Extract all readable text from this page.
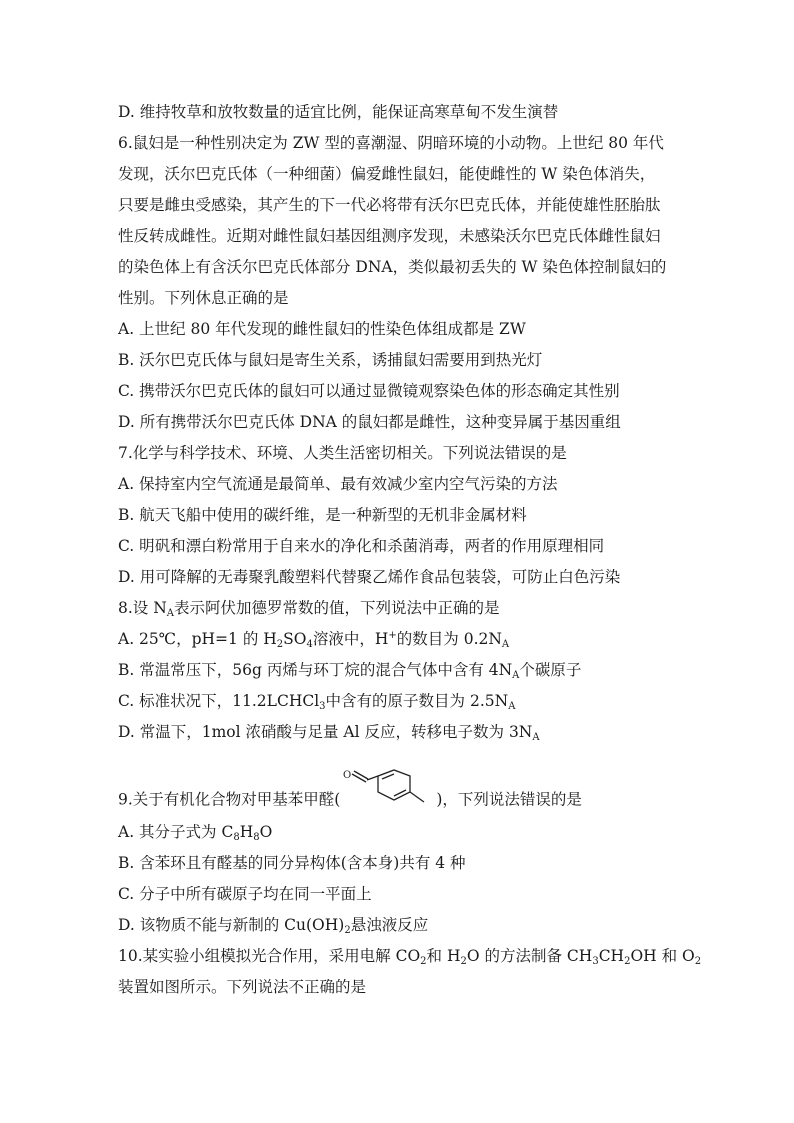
D. 维持牧草和放牧数量的适宜比例，能保证高寒草甸不发生演替
6.鼠妇是一种性别决定为 ZW 型的喜潮湿、阴暗环境的小动物。上世纪 80 年代
发现，沃尔巴克氏体（一种细菌）偏爱雌性鼠妇，能使雌性的 W 染色体消失，
只要是雌虫受感染，其产生的下一代必将带有沃尔巴克氏体，并能使雄性胚胎肽
性反转成雌性。近期对雌性鼠妇基因组测序发现，未感染沃尔巴克氏体雌性鼠妇
的染色体上有含沃尔巴克氏体部分 DNA，类似最初丢失的 W 染色体控制鼠妇的
性别。下列休息正确的是
A. 上世纪 80 年代发现的雌性鼠妇的性染色体组成都是 ZW
B. 沃尔巴克氏体与鼠妇是寄生关系，诱捕鼠妇需要用到热光灯
C. 携带沃尔巴克氏体的鼠妇可以通过显微镜观察染色体的形态确定其性别
D. 所有携带沃尔巴克氏体 DNA 的鼠妇都是雌性，这种变异属于基因重组
7.化学与科学技术、环境、人类生活密切相关。下列说法错误的是
A. 保持室内空气流通是最简单、最有效减少室内空气污染的方法
B. 航天飞船中使用的碳纤维，是一种新型的无机非金属材料
C. 明矾和漂白粉常用于自来水的净化和杀菌消毒，两者的作用原理相同
D. 用可降解的无毒聚乳酸塑料代替聚乙烯作食品包装袋，可防止白色污染
8.设 $N_A$表示阿伏加德罗常数的值，下列说法中正确的是
A. 25℃，pH=1 的 $H_2SO_4$溶液中，H+的数目为 $0.2N_A$
B. 常温常压下，56g 丙烯与环丁烷的混合气体中含有 $4N_A$个碳原子
C. 标准状况下，11.2LCHCl$_3$中含有的原子数目为 $2.5N_A$
D. 常温下，1mol 浓硝酸与足量 Al 反应，转移电子数为 $3N_A$
9.关于有机化合物对甲基苯甲醛(
O
)，下列说法错误的是
A. 其分子式为 $C_8H_8O$
B. 含苯环且有醛基的同分异构体(含本身)共有 4 种
C. 分子中所有碳原子均在同一平面上
D. 该物质不能与新制的 $Cu(OH)_2$悬浊液反应
10.某实验小组模拟光合作用，采用电解 $CO_2$和 $H_2O$ 的方法制备 $CH_3CH_2OH$ 和 $O_2$
装置如图所示。下列说法不正确的是
